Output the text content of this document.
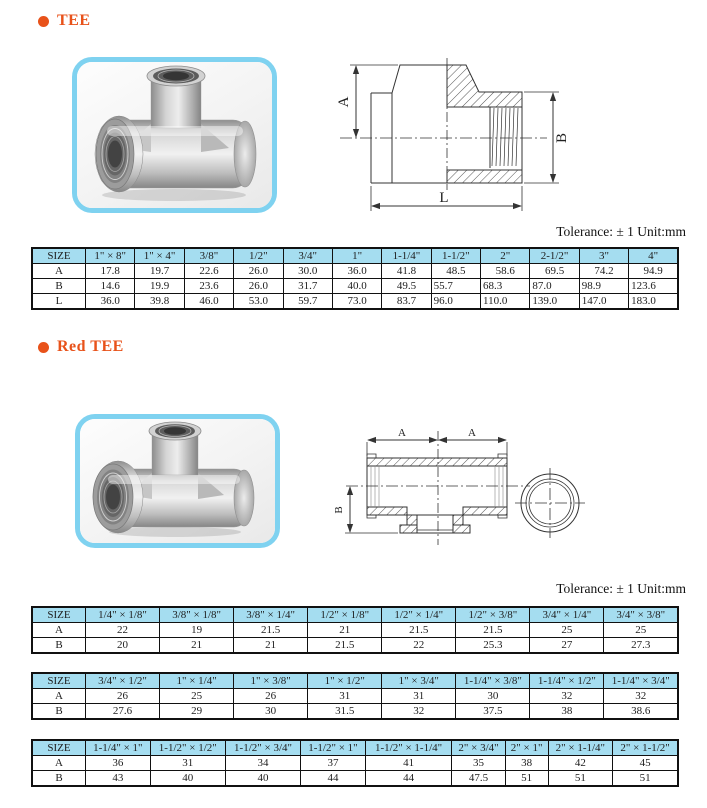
TEE
A
B
L
Tolerance: ± 1 Unit:mm
SIZE	1" × 8"	1" × 4"	3/8"	1/2"	3/4"	1"	1-1/4"	1-1/2"	2"	2-1/2"	3"	4"
A	17.8	19.7	22.6	26.0	30.0	36.0	41.8	48.5	58.6	69.5	74.2	94.9
B	14.6	19.9	23.6	26.0	31.7	40.0	49.5	55.7	68.3	87.0	98.9	123.6
L	36.0	39.8	46.0	53.0	59.7	73.0	83.7	96.0	110.0	139.0	147.0	183.0
Red TEE
A	A
B
Tolerance: ± 1 Unit:mm
SIZE	1/4" × 1/8"	3/8" × 1/8"	3/8" × 1/4"	1/2" × 1/8"	1/2" × 1/4"	1/2" × 3/8"	3/4" × 1/4"	3/4" × 3/8"
A	22	19	21.5	21	21.5	21.5	25	25
B	20	21	21	21.5	22	25.3	27	27.3
SIZE	3/4" × 1/2"	1" × 1/4"	1" × 3/8"	1" × 1/2"	1" × 3/4"	1-1/4" × 3/8"	1-1/4" × 1/2"	1-1/4" × 3/4"
A	26	25	26	31	31	30	32	32
B	27.6	29	30	31.5	32	37.5	38	38.6
SIZE	1-1/4" × 1"	1-1/2" × 1/2"	1-1/2" × 3/4"	1-1/2" × 1"	1-1/2" × 1-1/4"	2" × 3/4"	2" × 1"	2" × 1-1/4"	2" × 1-1/2"
A	36	31	34	37	41	35	38	42	45
B	43	40	40	44	44	47.5	51	51	51
